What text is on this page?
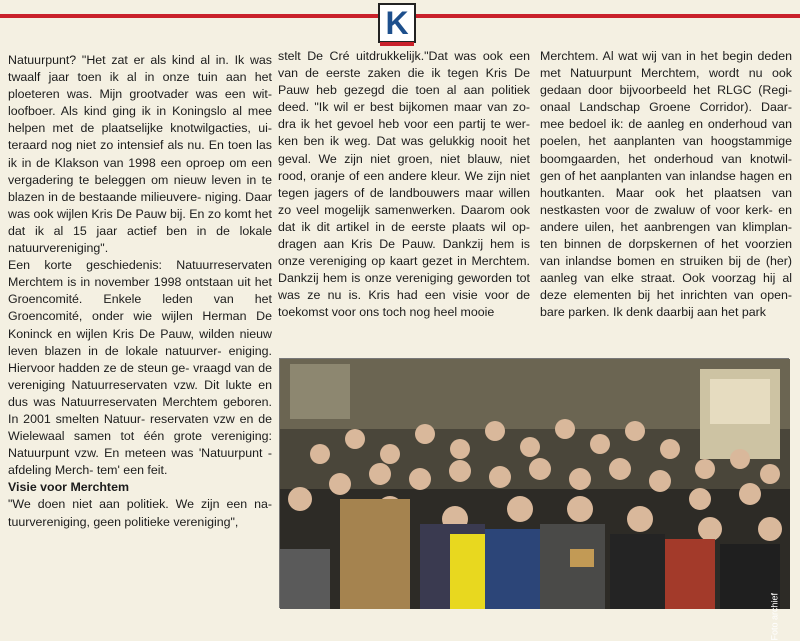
K

Natuurpunt? "Het zat er als kind al in. Ik was twaalf jaar toen ik al in onze tuin aan het ploeteren was. Mijn grootvader was een wit- loofboer. Als kind ging ik in Koningslo al mee helpen met de plaatselijke knotwilgacties, ui- teraard nog niet zo intensief als nu. En toen las ik in de Klakson van 1998 een oproep om een vergadering te beleggen om nieuw leven in te blazen in de bestaande milieuvere- niging. Daar was ook wijlen Kris De Pauw bij. En zo komt het dat ik al 15 jaar actief ben in de lokale natuurvereniging".

Een korte geschiedenis: Natuurreservaten Merchtem is in november 1998 ontstaan uit het Groencomité. Enkele leden van het Groencomité, onder wie wijlen Herman De Koninck en wijlen Kris De Pauw, wilden nieuw leven blazen in de lokale natuurver- eniging. Hiervoor hadden ze de steun ge- vraagd van de vereniging Natuurreservaten vzw. Dit lukte en dus was Natuurreservaten Merchtem geboren. In 2001 smelten Natuur- reservaten vzw en de Wielewaal samen tot één grote vereniging: Natuurpunt vzw. En meteen was 'Natuurpunt - afdeling Merch- tem' een feit.

Visie voor Merchtem

"We doen niet aan politiek. We zijn een na- tuurvereniging, geen politieke vereniging",

stelt De Cré uitdrukkelijk."Dat was ook een van de eerste zaken die ik tegen Kris De Pauw heb gezegd die toen al aan politiek deed. "Ik wil er best bijkomen maar van zo- dra ik het gevoel heb voor een partij te wer- ken ben ik weg. Dat was gelukkig nooit het geval. We zijn niet groen, niet blauw, niet rood, oranje of een andere kleur. We zijn niet tegen jagers of de landbouwers maar willen zo veel mogelijk samenwerken. Daarom ook dat ik dit artikel in de eerste plaats wil op- dragen aan Kris De Pauw. Dankzij hem is onze vereniging op kaart gezet in Merchtem. Dankzij hem is onze vereniging geworden tot was ze nu is. Kris had een visie voor de toekomst voor ons toch nog heel mooie

Merchtem. Al wat wij van in het begin deden met Natuurpunt Merchtem, wordt nu ook gedaan door bijvoorbeeld het RLGC (Regi- onaal Landschap Groene Corridor). Daar- mee bedoel ik: de aanleg en onderhoud van poelen, het aanplanten van hoogstammige boomgaarden, het onderhoud van knotwil- gen of het aanplanten van inlandse hagen en houtkanten. Maar ook het plaatsen van nestkasten voor de zwaluw of voor kerk- en andere uilen, het aanbrengen van klimplan- ten binnen de dorpskernen of het voorzien van inlandse bomen en struiken bij de (her) aanleg van elke straat. Ook voorzag hij al deze elementen bij het inrichten van open- bare parken. Ik denk daarbij aan het park

Foto archief
